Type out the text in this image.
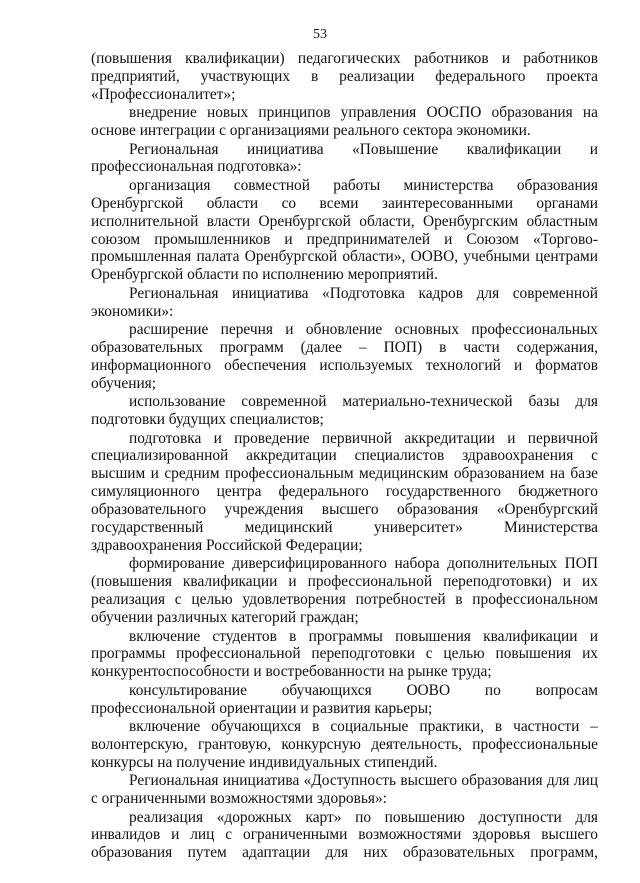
53

(повышения квалификации) педагогических работников и работников предприятий, участвующих в реализации федерального проекта «Профессионалитет»;

внедрение новых принципов управления ООСПО образования на основе интеграции с организациями реального сектора экономики.

Региональная инициатива «Повышение квалификации и профессиональная подготовка»:

организация совместной работы министерства образования Оренбургской области со всеми заинтересованными органами исполнительной власти Оренбургской области, Оренбургским областным союзом промышленников и предпринимателей и Союзом «Торгово-промышленная палата Оренбургской области», ООВО, учебными центрами Оренбургской области по исполнению мероприятий.

Региональная инициатива «Подготовка кадров для современной экономики»:

расширение перечня и обновление основных профессиональных образовательных программ (далее – ПОП) в части содержания, информационного обеспечения используемых технологий и форматов обучения;

использование современной материально-технической базы для подготовки будущих специалистов;

подготовка и проведение первичной аккредитации и первичной специализированной аккредитации специалистов здравоохранения с высшим и средним профессиональным медицинским образованием на базе симуляционного центра федерального государственного бюджетного образовательного учреждения высшего образования «Оренбургский государственный медицинский университет» Министерства здравоохранения Российской Федерации;

формирование диверсифицированного набора дополнительных ПОП (повышения квалификации и профессиональной переподготовки) и их реализация с целью удовлетворения потребностей в профессиональном обучении различных категорий граждан;

включение студентов в программы повышения квалификации и программы профессиональной переподготовки с целью повышения их конкурентоспособности и востребованности на рынке труда;

консультирование обучающихся ООВО по вопросам профессиональной ориентации и развития карьеры;

включение обучающихся в социальные практики, в частности – волонтерскую, грантовую, конкурсную деятельность, профессиональные конкурсы на получение индивидуальных стипендий.

Региональная инициатива «Доступность высшего образования для лиц с ограниченными возможностями здоровья»:

реализация «дорожных карт» по повышению доступности для инвалидов и лиц с ограниченными возможностями здоровья высшего образования путем адаптации для них образовательных программ,
